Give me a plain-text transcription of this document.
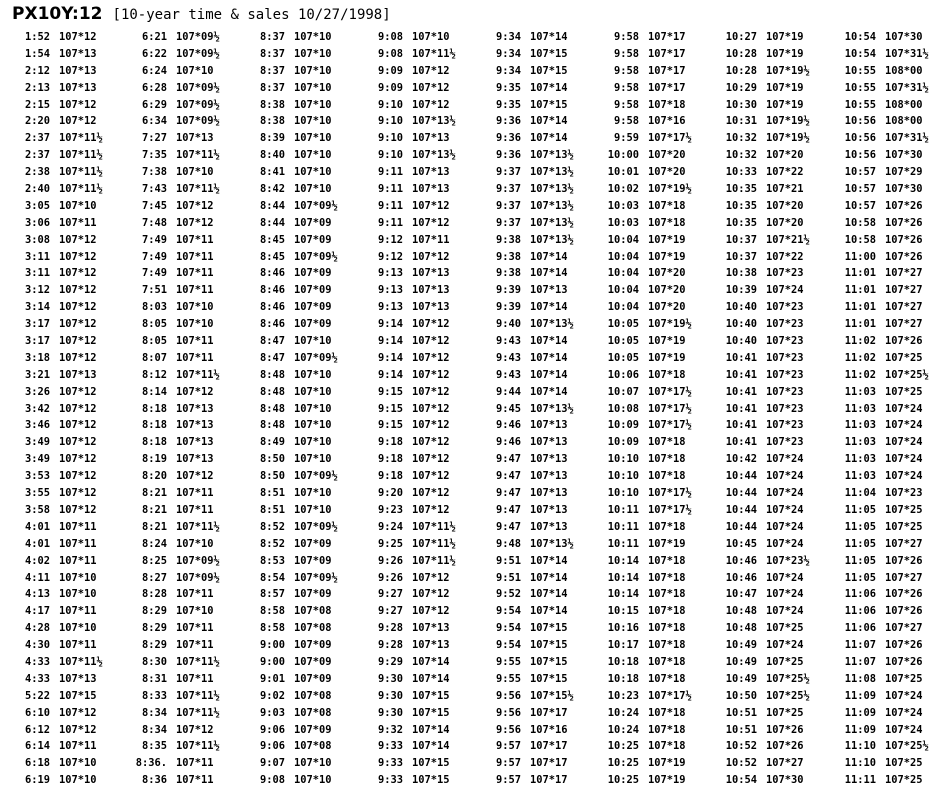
PX10Y:12 [10-year time & sales 10/27/1998]
1:52 107*12
1:54 107*13
2:12 107*13
2:13 107*13
2:15 107*12
2:20 107*12
2:37 107*11½
2:37 107*11½
2:38 107*11½
2:40 107*11½
3:05 107*10
3:06 107*11
3:08 107*12
3:11 107*12
3:11 107*12
3:12 107*12
3:14 107*12
3:17 107*12
3:17 107*12
3:18 107*12
3:21 107*13
3:26 107*12
3:42 107*12
3:46 107*12
3:49 107*12
3:49 107*12
3:53 107*12
3:55 107*12
3:58 107*12
4:01 107*11
4:01 107*11
4:02 107*11
4:11 107*10
4:13 107*10
4:17 107*11
4:28 107*10
4:30 107*11
4:33 107*11½
4:33 107*13
5:22 107*15
6:10 107*12
6:12 107*12
6:14 107*11
6:18 107*10
6:19 107*10
6:21 107*09½
6:22 107*09½
6:24 107*10
6:28 107*09½
6:29 107*09½
6:34 107*09½
7:27 107*13
7:35 107*11½
7:38 107*10
7:43 107*11½
7:45 107*12
7:48 107*12
7:49 107*11
7:49 107*11
7:49 107*11
7:51 107*11
8:03 107*10
8:05 107*10
8:05 107*11
8:07 107*11
8:12 107*11½
8:14 107*12
8:18 107*13
8:18 107*13
8:18 107*13
8:19 107*13
8:20 107*12
8:21 107*11
8:21 107*11
8:21 107*11½
8:24 107*10
8:25 107*09½
8:27 107*09½
8:28 107*11
8:29 107*10
8:29 107*11
8:29 107*11
8:30 107*11½
8:31 107*11
8:33 107*11½
8:34 107*11½
8:34 107*12
8:35 107*11½
8:36. 107*11
8:36 107*11
8:37 107*10
8:37 107*10
8:37 107*10
8:37 107*10
8:38 107*10
8:38 107*10
8:39 107*10
8:40 107*10
8:41 107*10
8:42 107*10
8:44 107*09½
8:44 107*09
8:45 107*09
8:45 107*09½
8:46 107*09
8:46 107*09
8:46 107*09
8:46 107*09
8:47 107*10
8:47 107*09½
8:48 107*10
8:48 107*10
8:48 107*10
8:48 107*10
8:49 107*10
8:50 107*10
8:50 107*09½
8:51 107*10
8:51 107*10
8:52 107*09½
8:52 107*09
8:53 107*09
8:54 107*09½
8:57 107*09
8:58 107*08
8:58 107*08
9:00 107*09
9:00 107*09
9:01 107*09
9:02 107*08
9:03 107*08
9:06 107*09
9:06 107*08
9:07 107*10
9:08 107*10
9:08 107*10
9:08 107*11½
9:09 107*12
9:09 107*12
9:10 107*12
9:10 107*13½
9:10 107*13
9:10 107*13½
9:11 107*13
9:11 107*13
9:11 107*12
9:11 107*12
9:12 107*11
9:12 107*12
9:13 107*13
9:13 107*13
9:13 107*13
9:14 107*12
9:14 107*12
9:14 107*12
9:14 107*12
9:15 107*12
9:15 107*12
9:15 107*12
9:18 107*12
9:18 107*12
9:18 107*12
9:20 107*12
9:23 107*12
9:24 107*11½
9:25 107*11½
9:26 107*11½
9:26 107*12
9:27 107*12
9:27 107*12
9:28 107*13
9:28 107*13
9:29 107*14
9:30 107*14
9:30 107*15
9:30 107*15
9:32 107*14
9:33 107*14
9:33 107*15
9:33 107*15
9:34 107*14
9:34 107*15
9:34 107*15
9:35 107*14
9:35 107*15
9:36 107*14
9:36 107*14
9:36 107*13½
9:37 107*13½
9:37 107*13½
9:37 107*13½
9:37 107*13½
9:38 107*13½
9:38 107*14
9:38 107*14
9:39 107*13
9:39 107*14
9:40 107*13½
9:43 107*14
9:43 107*14
9:43 107*14
9:44 107*14
9:45 107*13½
9:46 107*13
9:46 107*13
9:47 107*13
9:47 107*13
9:47 107*13
9:47 107*13
9:47 107*13
9:48 107*13½
9:51 107*14
9:51 107*14
9:52 107*14
9:54 107*14
9:54 107*15
9:54 107*15
9:55 107*15
9:55 107*15
9:56 107*15½
9:56 107*17
9:56 107*16
9:57 107*17
9:57 107*17
9:57 107*17
9:58 107*17
9:58 107*17
9:58 107*17
9:58 107*17
9:58 107*18
9:58 107*16
9:59 107*17½
10:00 107*20
10:01 107*20
10:02 107*19½
10:03 107*18
10:03 107*18
10:04 107*19
10:04 107*19
10:04 107*20
10:04 107*20
10:04 107*20
10:05 107*19½
10:05 107*19
10:05 107*19
10:06 107*18
10:07 107*17½
10:08 107*17½
10:09 107*17½
10:09 107*18
10:10 107*18
10:10 107*18
10:10 107*17½
10:11 107*17½
10:11 107*18
10:11 107*19
10:14 107*18
10:14 107*18
10:14 107*18
10:15 107*18
10:16 107*18
10:17 107*18
10:18 107*18
10:18 107*18
10:23 107*17½
10:24 107*18
10:24 107*18
10:25 107*18
10:25 107*19
10:25 107*19
10:27 107*19
10:28 107*19
10:28 107*19½
10:29 107*19
10:30 107*19
10:31 107*19½
10:32 107*19½
10:32 107*20
10:33 107*22
10:35 107*21
10:35 107*20
10:35 107*20
10:37 107*21½
10:37 107*22
10:38 107*23
10:39 107*24
10:40 107*23
10:40 107*23
10:40 107*23
10:41 107*23
10:41 107*23
10:41 107*23
10:41 107*23
10:41 107*23
10:41 107*23
10:42 107*24
10:44 107*24
10:44 107*24
10:44 107*24
10:44 107*24
10:45 107*24
10:46 107*23½
10:46 107*24
10:47 107*24
10:48 107*24
10:48 107*25
10:49 107*24
10:49 107*25
10:49 107*25½
10:50 107*25½
10:51 107*25
10:51 107*26
10:52 107*26
10:52 107*27
10:54 107*30
10:54 107*30
10:54 107*31½
10:55 108*00
10:55 107*31½
10:55 108*00
10:56 108*00
10:56 107*31½
10:56 107*30
10:57 107*29
10:57 107*30
10:57 107*26
10:58 107*26
10:58 107*26
11:00 107*26
11:01 107*27
11:01 107*27
11:01 107*27
11:01 107*27
11:02 107*26
11:02 107*25
11:02 107*25½
11:03 107*25
11:03 107*24
11:03 107*24
11:03 107*24
11:03 107*24
11:03 107*24
11:04 107*23
11:05 107*25
11:05 107*25
11:05 107*27
11:05 107*26
11:05 107*27
11:06 107*26
11:06 107*26
11:06 107*27
11:07 107*26
11:07 107*26
11:08 107*25
11:09 107*24
11:09 107*24
11:09 107*24
11:10 107*25½
11:10 107*25
11:11 107*25
